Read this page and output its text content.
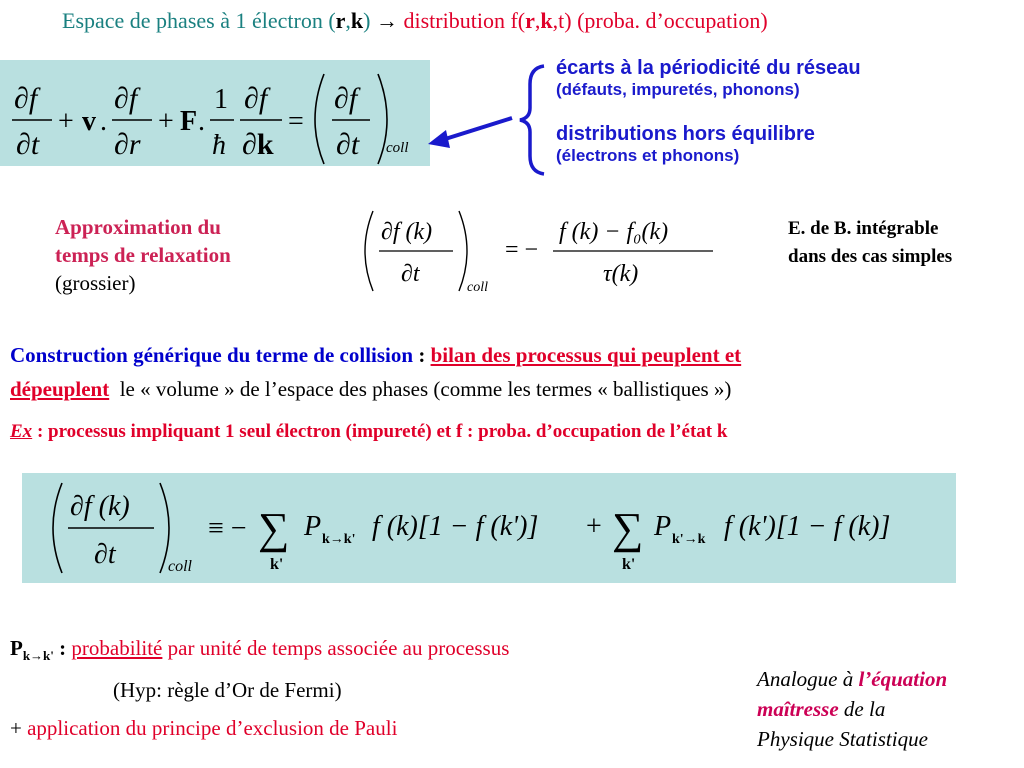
Espace de phases à 1 électron (r,k) → distribution f(r,k,t) (proba. d’occupation)
∂f
∂t
+ v .
∂f
∂r
+ F .
1
ħ
∂f
∂k
=
∂f
∂t coll
écarts à la périodicité du réseau
(défauts, impuretés, phonons)
distributions hors équilibre
(électrons et phonons)
Approximation du
temps de relaxation
(grossier)
∂f (k)
∂t
coll
= −
f (k) − f₀(k)
τ(k)
E. de B. intégrable
dans des cas simples
Construction générique du terme de collision : bilan des processus qui peuplent et
dépeuplent  le « volume » de l’espace des phases (comme les termes « ballistiques »)
Ex : processus impliquant 1 seul électron (impureté) et f : proba. d’occupation de l’état k
∂f (k)
∂t	coll
≡ − ∑
k'
P k→k' f (k)[1 − f (k')] + ∑
k'
P k'→k f (k')[1 − f (k)]
$P_{k\to k'}$ : probabilité par unité de temps associée au processus
(Hyp: règle d’Or de Fermi)
+ application du principe d’exclusion de Pauli
Analogue à l’équation
maîtresse de la
Physique Statistique
